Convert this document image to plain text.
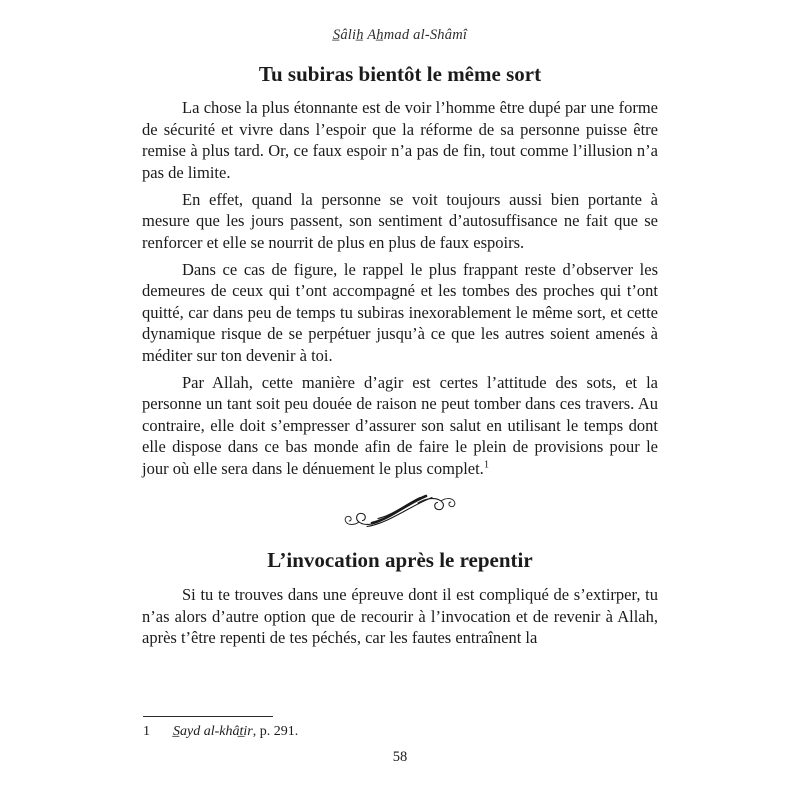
S̲âlih̲ Ah̲mad al-Shâmî
Tu subiras bientôt le même sort

La chose la plus étonnante est de voir l’homme être dupé par une forme de sécurité et vivre dans l’espoir que la réforme de sa personne puisse être remise à plus tard. Or, ce faux espoir n’a pas de fin, tout comme l’illusion n’a pas de limite.

En effet, quand la personne se voit toujours aussi bien portante à mesure que les jours passent, son sentiment d’autosuffisance ne fait que se renforcer et elle se nourrit de plus en plus de faux espoirs.

Dans ce cas de figure, le rappel le plus frappant reste d’observer les demeures de ceux qui t’ont accompagné et les tombes des proches qui t’ont quitté, car dans peu de temps tu subiras inexorablement le même sort, et cette dynamique risque de se perpétuer jusqu’à ce que les autres soient amenés à méditer sur ton devenir à toi.

Par Allah, cette manière d’agir est certes l’attitude des sots, et la personne un tant soit peu douée de raison ne peut tomber dans ces travers. Au contraire, elle doit s’empresser d’assurer son salut en utilisant le temps dont elle dispose dans ce bas monde afin de faire le plein de provisions pour le jour où elle sera dans le dénuement le plus complet.$^1$

L’invocation après le repentir

Si tu te trouves dans une épreuve dont il est compliqué de s’extirper, tu n’as alors d’autre option que de recourir à l’invocation et de revenir à Allah, après t’être repenti de tes péchés, car les fautes entraînent la

1 S̲ayd al-khât̲ir, p. 291.
58
